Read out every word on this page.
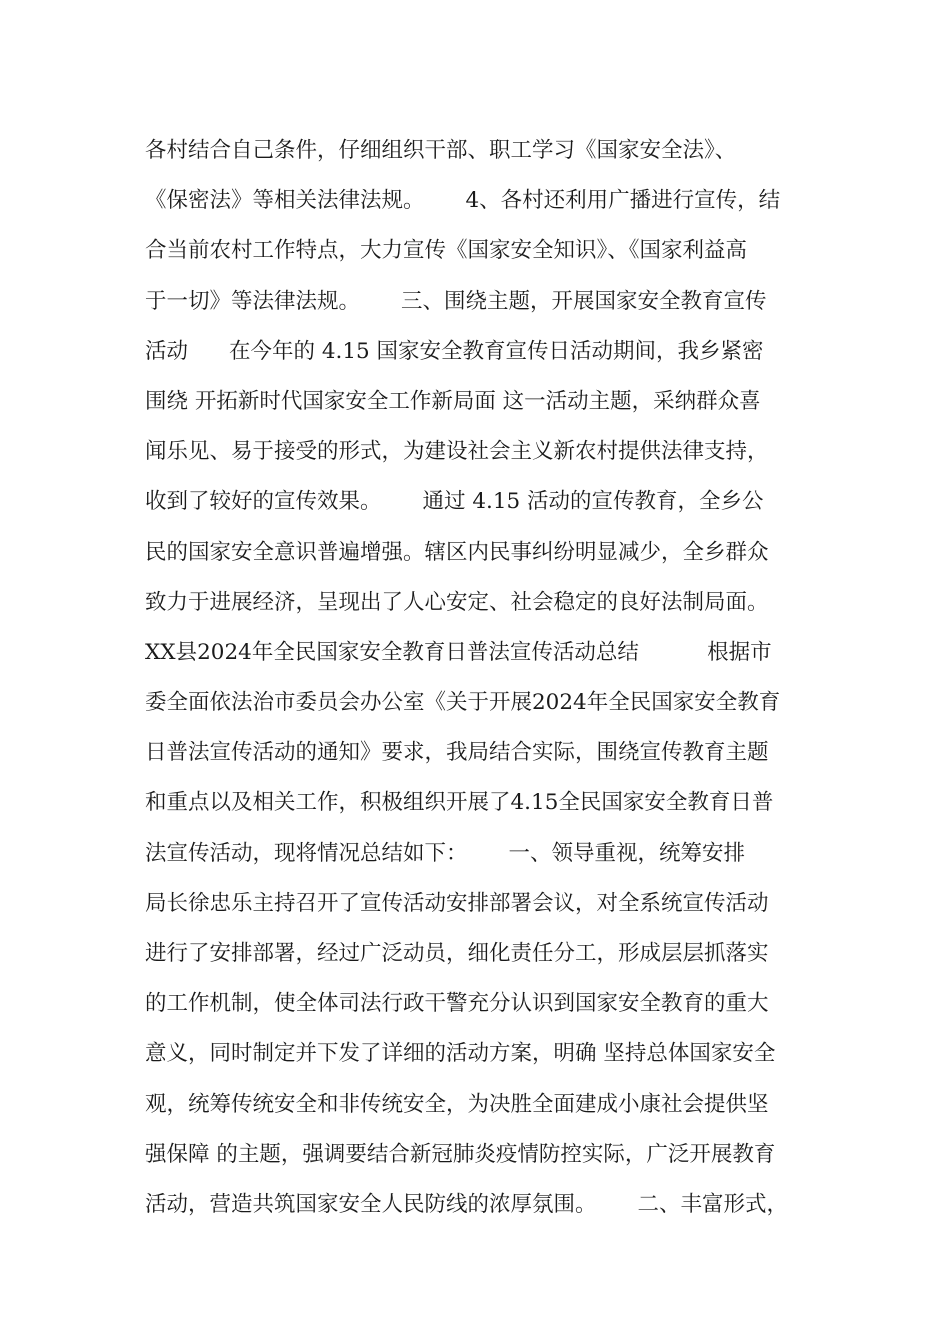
各村结合自己条件，仔细组织干部、职工学习《国家安全法》、
《保密法》等相关法律法规。      4、各村还利用广播进行宣传，结
合当前农村工作特点，大力宣传《国家安全知识》、《国家利益高
于一切》等法律法规。      三、围绕主题，开展国家安全教育宣传
活动      在今年的 4.15 国家安全教育宣传日活动期间，我乡紧密
围绕 开拓新时代国家安全工作新局面 这一活动主题，采纳群众喜
闻乐见、易于接受的形式，为建设社会主义新农村提供法律支持，
收到了较好的宣传效果。      通过 4.15 活动的宣传教育，全乡公
民的国家安全意识普遍增强。辖区内民事纠纷明显减少，全乡群众
致力于进展经济，呈现出了人心安定、社会稳定的良好法制局面。
XX县2024年全民国家安全教育日普法宣传活动总结          根据市
委全面依法治市委员会办公室《关于开展2024年全民国家安全教育
日普法宣传活动的通知》要求，我局结合实际，围绕宣传教育主题
和重点以及相关工作，积极组织开展了4.15全民国家安全教育日普
法宣传活动，现将情况总结如下：      一、领导重视，统筹安排
局长徐忠乐主持召开了宣传活动安排部署会议，对全系统宣传活动
进行了安排部署，经过广泛动员，细化责任分工，形成层层抓落实
的工作机制，使全体司法行政干警充分认识到国家安全教育的重大
意义，同时制定并下发了详细的活动方案，明确 坚持总体国家安全
观，统筹传统安全和非传统安全，为决胜全面建成小康社会提供坚
强保障 的主题，强调要结合新冠肺炎疫情防控实际，广泛开展教育
活动，营造共筑国家安全人民防线的浓厚氛围。      二、丰富形式，
